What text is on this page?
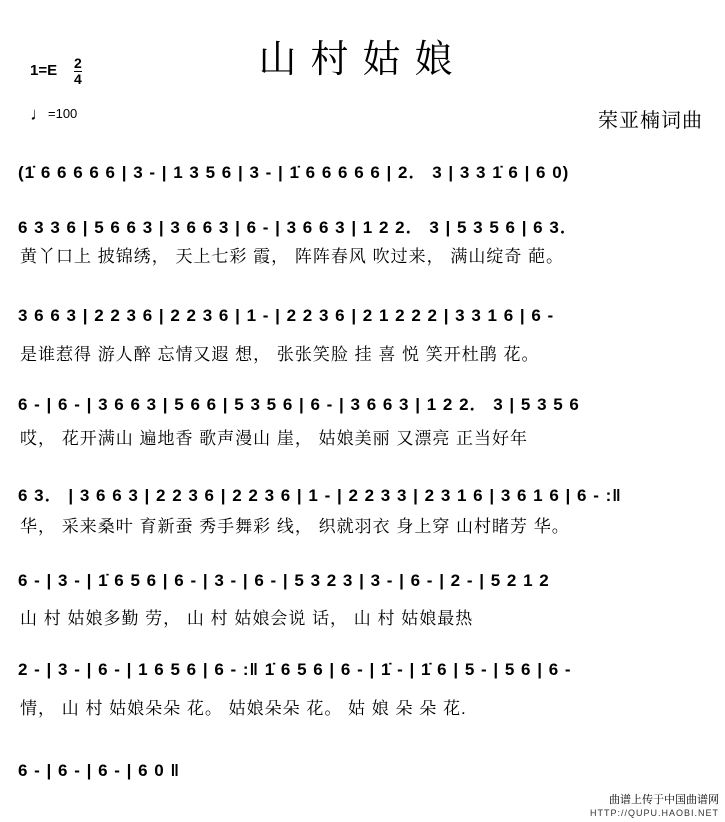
山村姑娘
1=E 2
4
♩=100	荣亚楠词曲
(1̇ 6 6 6 6 6 | 3 - | 1 3 5 6 | 3 - | 1̇ 6 6 6 6 6 | 2． 3 | 3 3 1̇ 6 | 6 0)
6 3 3 6 | 5 6 6 3 | 3 6 6 3 | 6 - | 3 6 6 3 | 1 2 2． 3 | 5 3 5 6 | 6 3．
黄丫口上 披锦绣， 天上七彩 霞， 阵阵春风 吹过来， 满山绽奇 葩。
3 6 6 3 | 2 2 3 6 | 2 2 3 6 | 1 - | 2 2 3 6 | 2 1 2 2 2 | 3 3 1 6 | 6 -
是谁惹得 游人醉 忘情又遐 想， 张张笑脸 挂 喜 悦 笑开杜鹃 花。
6 - | 6 - | 3 6 6 3 | 5 6 6 | 5 3 5 6 | 6 - | 3 6 6 3 | 1 2 2． 3 | 5 3 5 6
哎， 花开满山 遍地香 歌声漫山 崖， 姑娘美丽 又漂亮 正当好年
6 3． | 3 6 6 3 | 2 2 3 6 | 2 2 3 6 | 1 - | 2 2 3 3 | 2 3 1 6 | 3 6 1 6 | 6 - :‖
华， 采来桑叶 育新蚕 秀手舞彩 线， 织就羽衣 身上穿 山村睹芳 华。
6 - | 3 - | 1̇ 6 5 6 | 6 - | 3 - | 6 - | 5 3 2 3 | 3 - | 6 - | 2 - | 5 2 1 2
山 村 姑娘多勤 劳， 山 村 姑娘会说 话， 山 村 姑娘最热
2 - | 3 - | 6 - | 1 6 5 6 | 6 - :‖ 1̇ 6 5 6 | 6 - | 1̇ - | 1̇ 6 | 5 - | 5 6 | 6 -
情， 山 村 姑娘朵朵 花。 姑娘朵朵 花。 姑 娘 朵 朵 花.
6 - | 6 - | 6 - | 6 0 ‖
曲谱上传于中国曲谱网
HTTP://QUPU.HAOBI.NET
